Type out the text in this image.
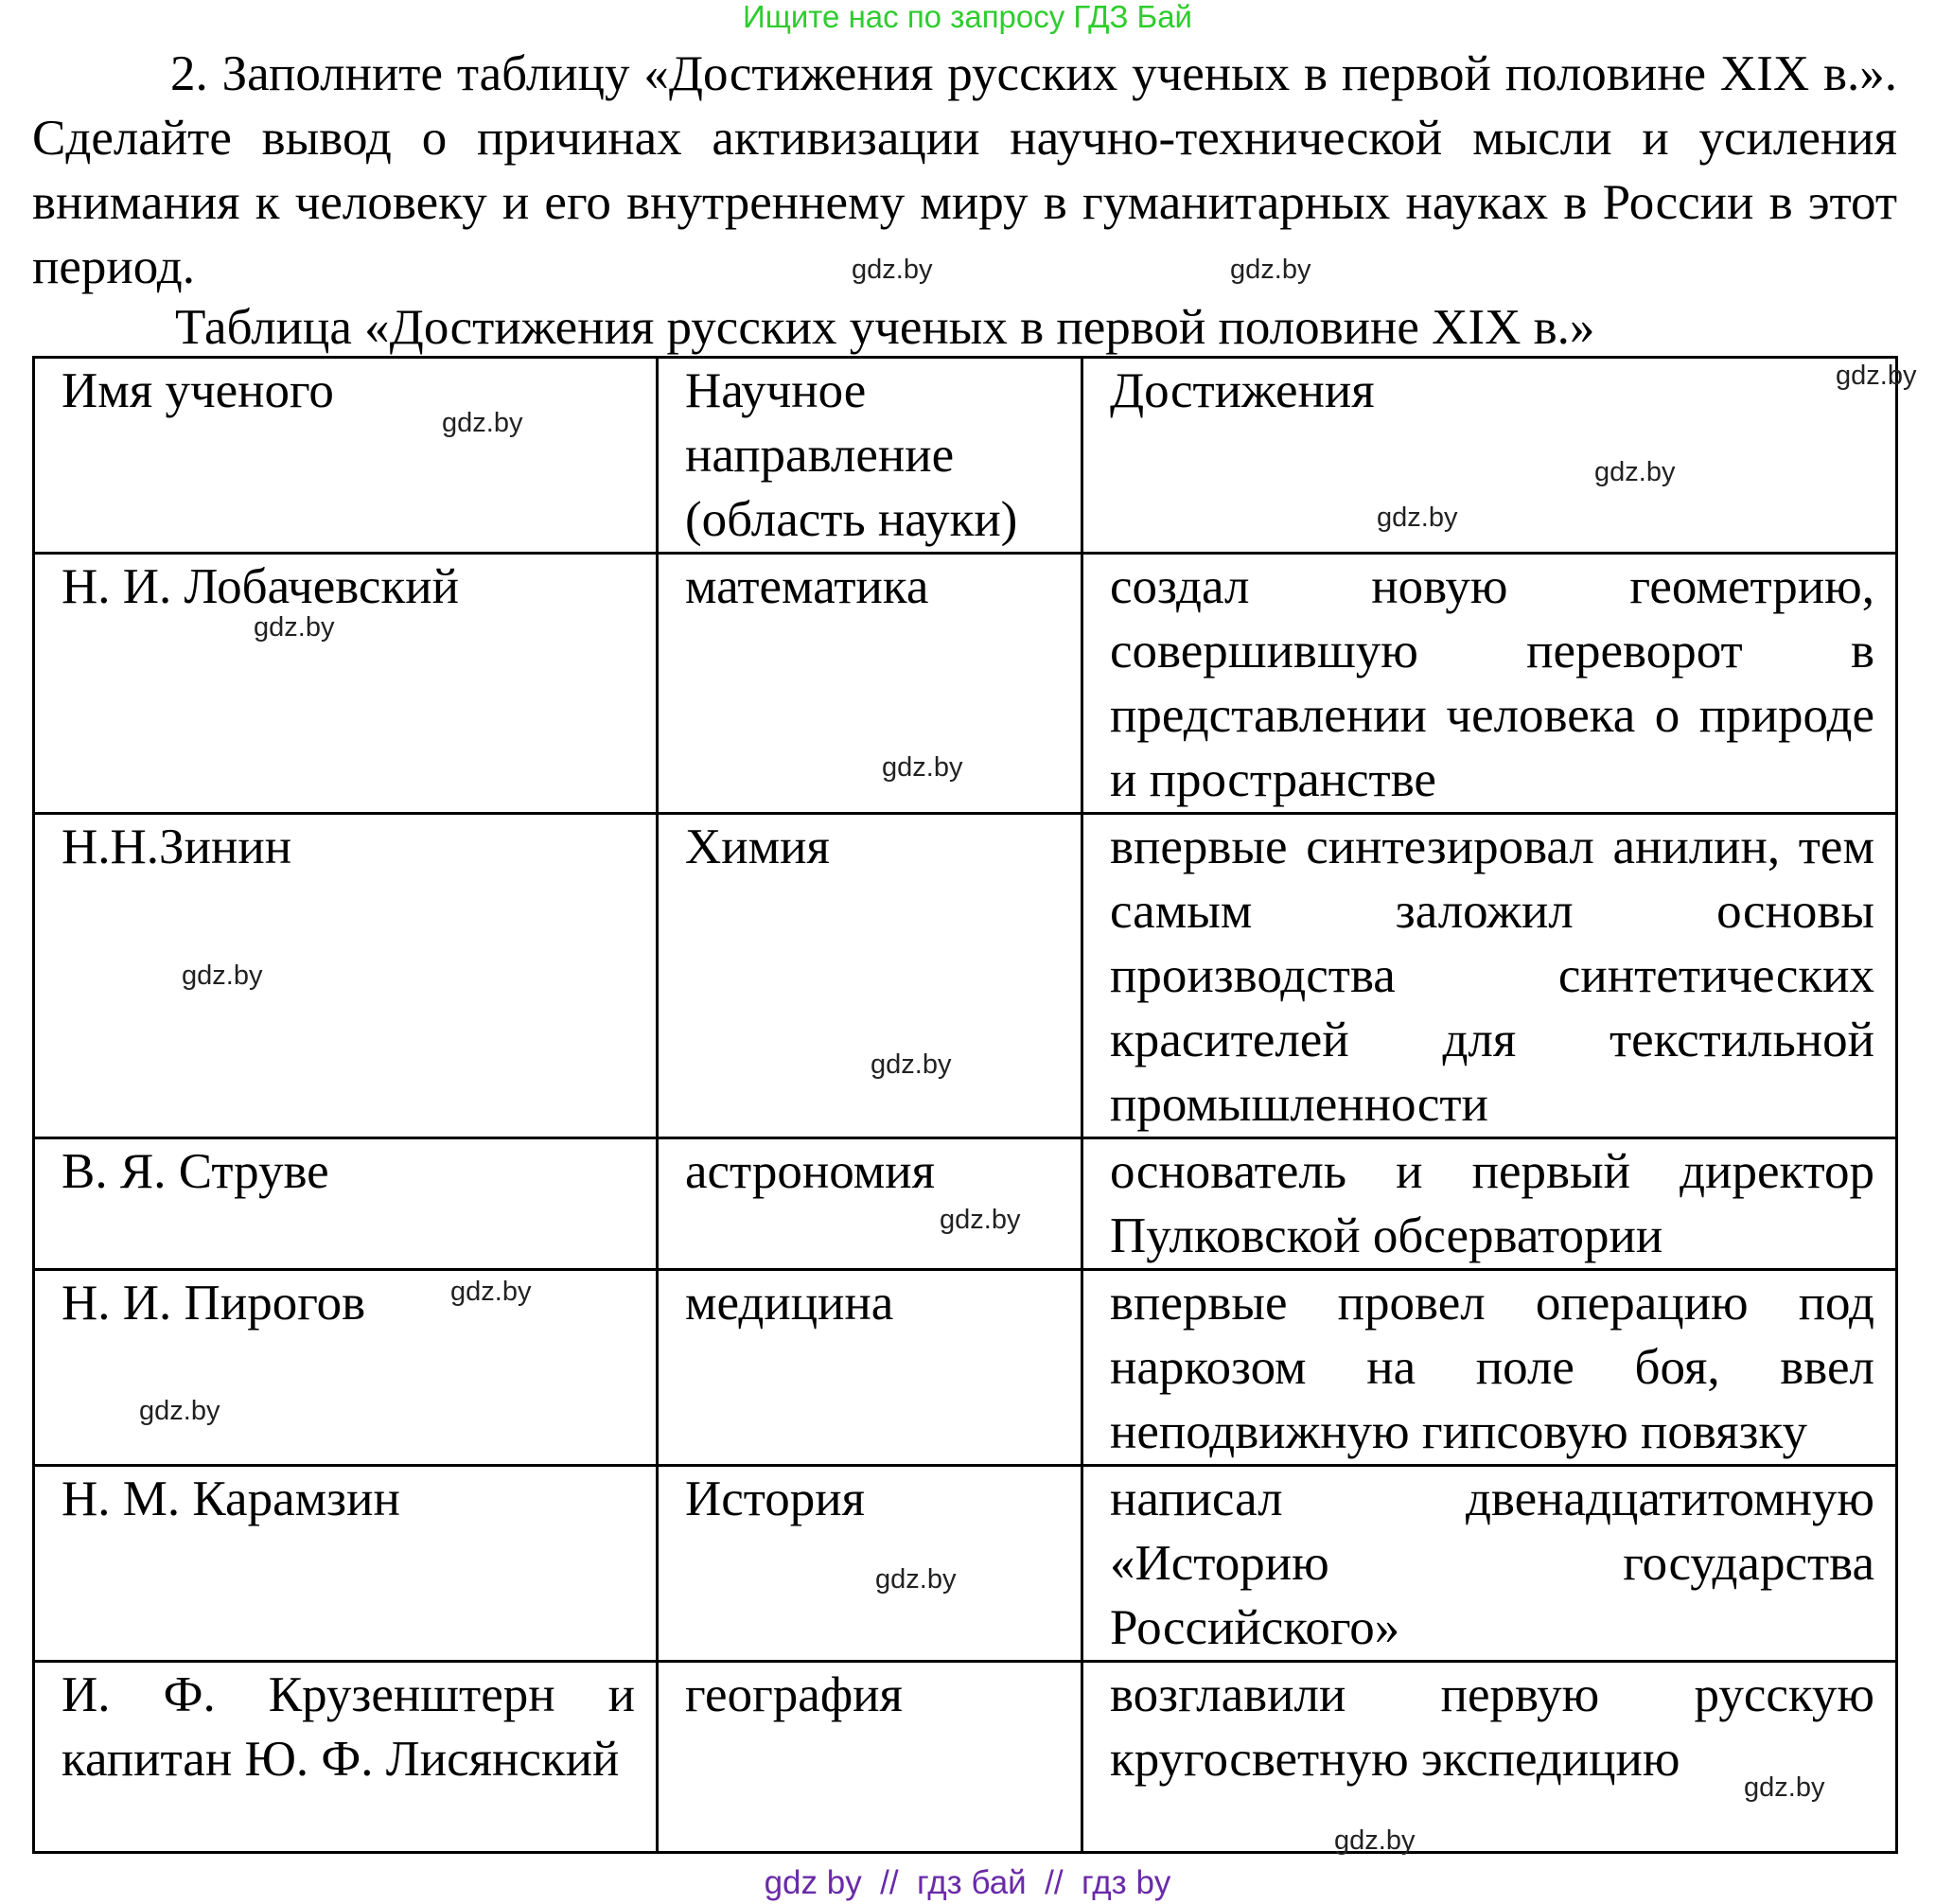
Ищите нас по запросу ГДЗ Бай
2. Заполните таблицу «Достижения русских ученых в первой половине XIX в.». Сделайте вывод о причинах активизации научно-технической мысли и усиления внимания к человеку и его внутреннему миру в гуманитарных науках в России в этот период.
Таблица «Достижения русских ученых в первой половине XIX в.»
Имя ученого	Научное направление (область науки)	Достижения
Н. И. Лобачевский	математика	создал новую геометрию, совершившую переворот в представлении человека о природе и пространстве
Н.Н.Зинин	Химия	впервые синтезировал анилин, тем самым заложил основы производства синтетических красителей для текстильной промышленности
В. Я. Струве	астрономия	основатель и первый директор Пулковской обсерватории
Н. И. Пирогов	медицина	впервые провел операцию под наркозом на поле боя, ввел неподвижную гипсовую повязку
Н. М. Карамзин	История	написал двенадцатитомную «Историю государства Российского»
И. Ф. Крузенштерн и капитан Ю. Ф. Лисянский	география	возглавили первую русскую кругосветную экспедицию
gdz.by
gdz.by
gdz.by
gdz.by
gdz.by
gdz.by
gdz.by
gdz.by
gdz.by
gdz.by
gdz.by
gdz.by
gdz.by
gdz.by
gdz.by
gdz.by
gdz by  //  гдз бай  //  гдз by
